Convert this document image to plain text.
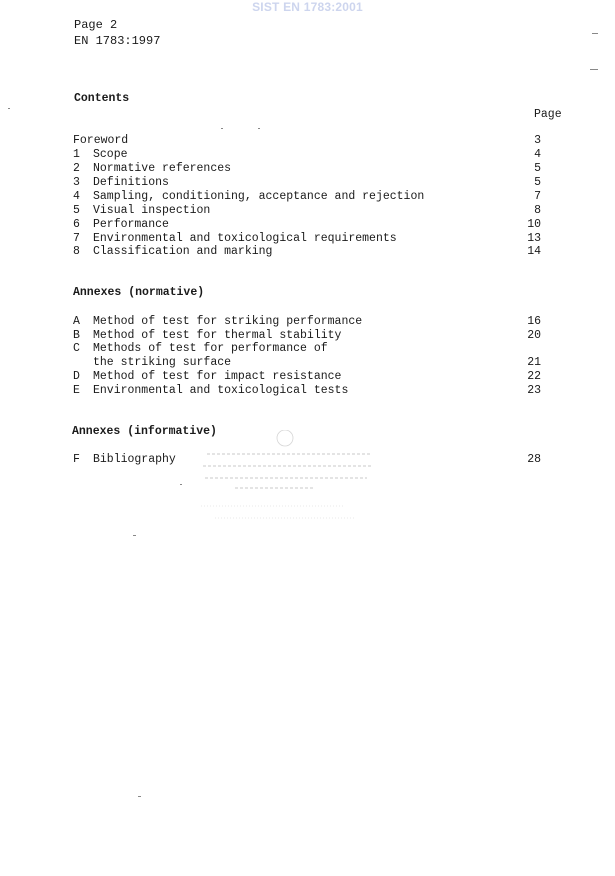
SIST EN 1783:2001
Page 2
EN 1783:1997
Contents
Page
Foreword	3
1 Scope	4
2 Normative references	5
3 Definitions	5
4 Sampling, conditioning, acceptance and rejection	7
5 Visual inspection	8
6 Performance	10
7 Environmental and toxicological requirements	13
8 Classification and marking	14
Annexes (normative)
A Method of test for striking performance	16
B Method of test for thermal stability	20
C Methods of test for performance of
the striking surface	21
D Method of test for impact resistance	22
E Environmental and toxicological tests	23
Annexes (informative)
F Bibliography	28
